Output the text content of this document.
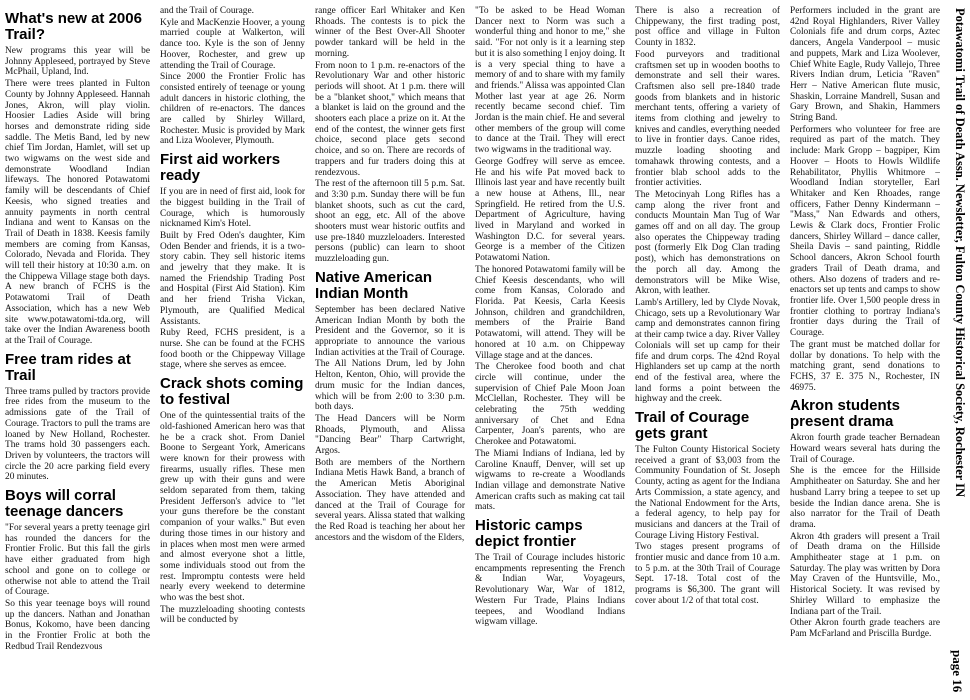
What's new at 2006 Trail?

New programs this year will be Johnny Appleseed, portrayed by Steve McPhail, Upland, Ind.

There were trees planted in Fulton County by Johnny Appleseed. Hannah Jones, Akron, will play violin. Hoosier Ladies Aside will bring horses and demonstrate riding side saddle. The Metis Band, led by new chief Tim Jordan, Hamlet, will set up two wigwams on the west side and demonstrate Woodland Indian lifeways. The honored Potawatomi family will be descendants of Chief Keesis, who signed treaties and annuity payments in north central Indiana and went to Kansas on the Trail of Death in 1838. Keesis family members are coming from Kansas, Colorado, Nevada and Florida. They will tell their history at 10:30 a.m. on the Chippewa Village stage both days. A new branch of FCHS is the Potawatomi Trail of Death Association, which has a new Web site www.potawatomi-tda.org, will take over the Indian Awareness booth at the Trail of Courage.

Free tram rides at Trail

Three trams pulled by tractors provide free rides from the museum to the admissions gate of the Trail of Courage. Tractors to pull the trams are loaned by New Holland, Rochester. The trams hold 30 passengers each. Driven by volunteers, the tractors will circle the 20 acre parking field every 20 minutes.

Boys will corral teenage dancers

"For several years a pretty teenage girl has rounded the dancers for the Frontier Frolic. But this fall the girls have either graduated from high school and gone on to college or otherwise not able to attend the Trail of Courage.

So this year teenage boys will round up the dancers. Nathan and Jonathan Bonus, Kokomo, have been dancing in the Frontier Frolic at both the Redbud Trail Rendezvous

and the Trail of Courage.

Kyle and MacKenzie Hoover, a young married couple at Walkerton, will dance too. Kyle is the son of Jenny Hoover, Rochester, and grew up attending the Trail of Courage.

Since 2000 the Frontier Frolic has consisted entirely of teenage or young adult dancers in historic clothing, the children of re-enactors. The dances are called by Shirley Willard, Rochester. Music is provided by Mark and Liza Woolever, Plymouth.

First aid workers ready

If you are in need of first aid, look for the biggest building in the Trail of Courage, which is humorously nicknamed Kim's Hotel.

Built by Fred Oden's daughter, Kim Oden Bender and friends, it is a two-story cabin. They sell historic items and jewelry that they make. It is named the Friendship Trading Post and Hospital (First Aid Station). Kim and her friend Trisha Vickan, Plymouth, are Qualified Medical Assistants.

Ruby Reed, FCHS president, is a nurse. She can be found at the FCHS food booth or the Chippeway Village stage, where she serves as emcee.

Crack shots coming to festival

One of the quintessential traits of the old-fashioned American hero was that he be a crack shot. From Daniel Boone to Sergeant York, Americans were known for their prowess with firearms, usually rifles. These men grew up with their guns and were seldom separated from them, taking President Jefferson's advice to "let your guns therefore be the constant companion of your walks." But even during those times in our history and in places when most men were armed and almost everyone shot a little, some individuals stood out from the rest. Impromptu contests were held nearly every weekend to determine who was the best shot.

The muzzleloading shooting contests will be conducted by

range officer Earl Whitaker and Ken Rhoads. The contests is to pick the winner of the Best Over-All Shooter powder tankard will be held in the morning.

From noon to 1 p.m. re-enactors of the Revolutionary War and other historic periods will shoot. At 1 p.m. there will be a "blanket shoot," which means that a blanket is laid on the ground and the shooters each place a prize on it. At the end of the contest, the winner gets first choice, second place gets second choice, and so on. There are records of trappers and fur traders doing this at rendezvous.

The rest of the afternoon till 5 p.m. Sat. and 3:30 p.m. Sunday there will be fun blanket shoots, such as cut the card, shoot an egg, etc. All of the above shooters must wear historic outfits and use pre-1840 muzzleloaders. Interested persons (public) can learn to shoot muzzleloading gun.

Native American Indian Month

September has been declared Native American Indian Month by both the President and the Governor, so it is appropriate to announce the various Indian activities at the Trail of Courage.

The All Nations Drum, led by John Helton, Kenton, Ohio, will provide the drum music for the Indian dances, which will be from 2:00 to 3:30 p.m. both days.

The Head Dancers will be Norm Rhoads, Plymouth, and Alissa "Dancing Bear" Tharp Cartwright, Argos.

Both are members of the Northern Indiana Metis Hawk Band, a branch of the American Metis Aboriginal Association. They have attended and danced at the Trail of Courage for several years. Alissa stated that walking the Red Road is teaching her about her ancestors and the wisdom of the Elders,

"To be asked to be Head Woman Dancer next to Norm was such a wonderful thing and honor to me," she said. "For not only is it a learning step but it is also something I enjoy doing. It is a very special thing to have a memory of and to share with my family and friends." Alissa was appointed Clan Mother last year at age 26. Norm recently became second chief. Tim Jordan is the main chief. He and several other members of the group will come to dance at the Trail. They will erect two wigwams in the traditional way.

George Godfrey will serve as emcee. He and his wife Pat moved back to Illinois last year and have recently built a new house at Athens, Ill., near Springfield. He retired from the U.S. Department of Agriculture, having lived in Maryland and worked in Washington D.C. for several years. George is a member of the Citizen Potawatomi Nation.

The honored Potawatomi family will be Chief Keesis descendants, who will come from Kansas, Colorado and Florida. Pat Keesis, Carla Keesis Johnson, children and grandchildren, members of the Prairie Band Potawatomi, will attend. They will be honored at 10 a.m. on Chippeway Village stage and at the dances.

The Cherokee food booth and chat circle will continue, under the supervision of Chief Pale Moon Joan McClellan, Rochester. They will be celebrating the 75th wedding anniversary of Chet and Edna Carpenter, Joan's parents, who are Cherokee and Potawatomi.

The Miami Indians of Indiana, led by Caroline Knauff, Denver, will set up wigwams to re-create a Woodlands Indian village and demonstrate Native American crafts such as making cat tail mats.

Historic camps depict frontier

The Trail of Courage includes historic encampments representing the French & Indian War, Voyageurs, Revolutionary War, War of 1812, Western Fur Trade, Plains Indians teepees, and Woodland Indians wigwam village.

There is also a recreation of Chippewany, the first trading post, post office and village in Fulton County in 1832.

Food purveyors and traditional craftsmen set up in wooden booths to demonstrate and sell their wares. Craftsmen also sell pre-1840 trade goods from blankets and in historic merchant tents, offering a variety of items from clothing and jewelry to knives and candles, everything needed to live in frontier days. Canoe rides, muzzle loading shooting and tomahawk throwing contests, and a frontier blab school adds to the frontier activities.

The Metocinyah Long Rifles has a camp along the river front and conducts Mountain Man Tug of War games off and on all day. The group also operates the Chippeway trading post (formerly Elk Dog Clan trading post), which has demonstrations on the porch all day. Among the demonstrators will be Mike Wise, Akron, with leather.

Lamb's Artillery, led by Clyde Novak, Chicago, sets up a Revolutionary War camp and demonstrates cannon firing at their camp twice a day. River Valley Colonials will set up camp for their fife and drum corps. The 42nd Royal Highlanders set up camp at the north end of the festival area, where the land forms a point between the highway and the creek.

Trail of Courage gets grant

The Fulton County Historical Society received a grant of $3,003 from the Community Foundation of St. Joseph County, acting as agent for the Indiana Arts Commission, a state agency, and the National Endowment for the Arts, a federal agency, to help pay for musicians and dancers at the Trail of Courage Living History Festival.

Two stages present programs of frontier music and dance from 10 a.m. to 5 p.m. at the 30th Trail of Courage Sept. 17-18. Total cost of the programs is $6,300. The grant will cover about 1/2 of that total cost.

Performers included in the grant are 42nd Royal Highlanders, River Valley Colonials fife and drum corps, Aztec dancers, Angela Vanderpool – music and puppets, Mark and Liza Woolever, Chief White Eagle, Rudy Vallejo, Three Rivers Indian drum, Leticia "Raven" Herr – Native American flute music, Shaskin, Lorraine Mandrell, Susan and Gary Brown, and Shakin, Hammers String Band.

Performers who volunteer for free are required as part of the match. They include: Mark Gropp – bagpiper, Kim Hoover – Hoots to Howls Wildlife Rehabilitator, Phyllis Whitmore – Woodland Indian storyteller, Earl Whitaker and Ken Rhoades, range officers, Father Denny Kindermann – "Mass," Nan Edwards and others, Lewis & Clark docs, Frontier Frolic dancers, Shirley Willard – dance caller, Sheila Davis – sand painting, Riddle School dancers, Akron School fourth graders Trail of Death drama, and others. Also dozens of traders and re-enactors set up tents and camps to show frontier life. Over 1,500 people dress in frontier clothing to portray Indiana's frontier days during the Trail of Courage.

The grant must be matched dollar for dollar by donations. To help with the matching grant, send donations to FCHS, 37 E. 375 N., Rochester, IN 46975.

Akron students present drama

Akron fourth grade teacher Bernadean Howard wears several hats during the Trail of Courage.

She is the emcee for the Hillside Amphitheater on Saturday. She and her husband Larry bring a teepee to set up beside the Indian dance arena. She is also narrator for the Trail of Death drama.

Akron 4th graders will present a Trail of Death drama on the Hillside Amphitheater stage at 1 p.m. on Saturday. The play was written by Dora May Craven of the Huntsville, Mo., Historical Society. It was revised by Shirley Willard to emphasize the Indiana part of the Trail.

Other Akron fourth grade teachers are Pam McFarland and Priscilla Burdge.

Potawatomi Trail of Death Assn. Newsletter, Fulton County Historical Society, Rochester IN
page 16
